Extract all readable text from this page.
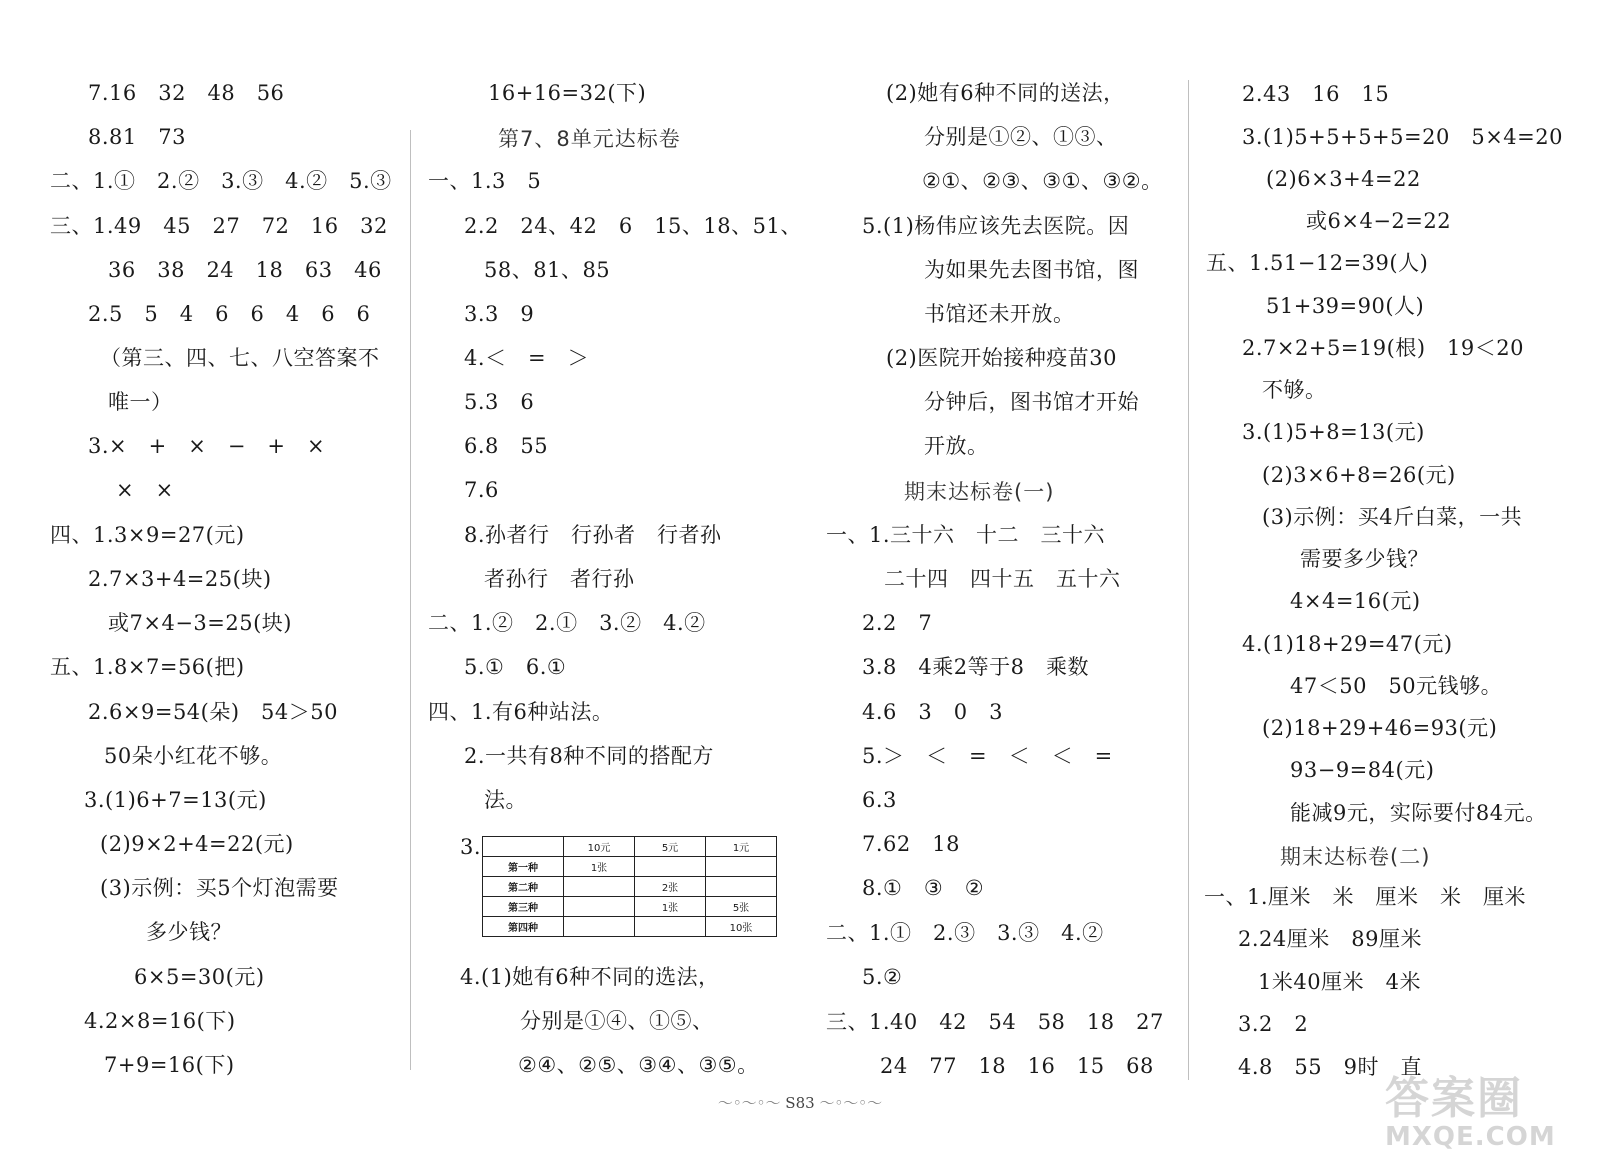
7.16　32　48　56
8.81　73
二、1.①　2.②　3.③　4.②　5.③
三、1.49　45　27　72　16　32
36　38　24　18　63　46
2.5　5　4　6　6　4　6　6
（第三、四、七、八空答案不
唯一）
3.×　+　×　−　+　×
×　×
四、1.3×9=27(元)
2.7×3+4=25(块)
或7×4−3=25(块)
五、1.8×7=56(把)
2.6×9=54(朵)　54＞50
50朵小红花不够。
3.(1)6+7=13(元)
(2)9×2+4=22(元)
(3)示例：买5个灯泡需要
多少钱？
6×5=30(元)
4.2×8=16(下)
7+9=16(下)
16+16=32(下)
第7、8单元达标卷
一、1.3　5
2.2　24、42　6　15、18、51、
58、81、85
3.3　9
4.＜　=　＞
5.3　6
6.8　55
7.6
8.孙者行　行孙者　行者孙
者孙行　者行孙
二、1.②　2.①　3.②　4.②
5.①　6.①
四、1.有6种站法。
2.一共有8种不同的搭配方
法。
3.
4.(1)她有6种不同的选法，
分别是①④、①⑤、
②④、②⑤、③④、③⑤。
	10元	5元	1元
第一种	1张		
第二种		2张	
第三种		1张	5张
第四种			10张
(2)她有6种不同的送法，
分别是①②、①③、
②①、②③、③①、③②。
5.(1)杨伟应该先去医院。因
为如果先去图书馆，图
书馆还未开放。
(2)医院开始接种疫苗30
分钟后，图书馆才开始
开放。
期末达标卷(一)
一、1.三十六　十二　三十六
二十四　四十五　五十六
2.2　7
3.8　4乘2等于8　乘数
4.6　3　0　3
5.＞　＜　=　＜　＜　=
6.3
7.62　18
8.①　③　②
二、1.①　2.③　3.③　4.②
5.②
三、1.40　42　54　58　18　27
24　77　18　16　15　68
2.43　16　15
3.(1)5+5+5+5=20　5×4=20
(2)6×3+4=22
或6×4−2=22
五、1.51−12=39(人)
51+39=90(人)
2.7×2+5=19(根)　19＜20
不够。
3.(1)5+8=13(元)
(2)3×6+8=26(元)
(3)示例：买4斤白菜，一共
需要多少钱？
4×4=16(元)
4.(1)18+29=47(元)
47＜50　50元钱够。
(2)18+29+46=93(元)
93−9=84(元)
能减9元，实际要付84元。
期末达标卷(二)
一、1.厘米　米　厘米　米　厘米
2.24厘米　89厘米
1米40厘米　4米
3.2　2
4.8　55　9时　直
〜◦〜◦〜 S83 〜◦〜◦〜	答案圈
MXQE.COM
